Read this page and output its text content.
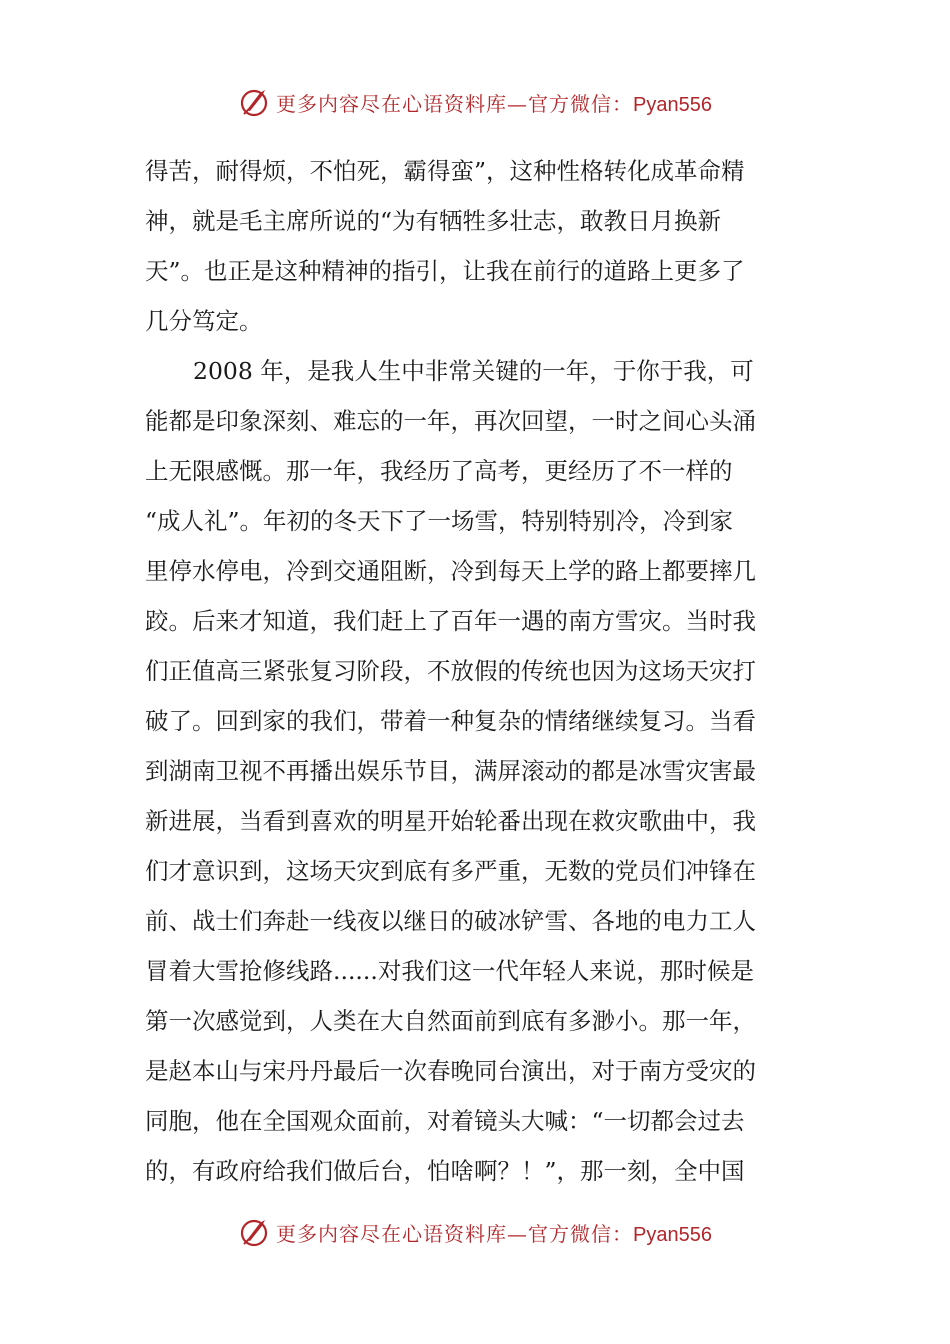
更多内容尽在心语资料库—官方微信：Pyan556
得苦，耐得烦，不怕死，霸得蛮”，这种性格转化成革命精
神，就是毛主席所说的“为有牺牲多壮志，敢教日月换新
天”。也正是这种精神的指引，让我在前行的道路上更多了
几分笃定。
2008 年，是我人生中非常关键的一年，于你于我，可
能都是印象深刻、难忘的一年，再次回望，一时之间心头涌
上无限感慨。那一年，我经历了高考，更经历了不一样的
“成人礼”。年初的冬天下了一场雪，特别特别冷，冷到家
里停水停电，冷到交通阻断，冷到每天上学的路上都要摔几
跤。后来才知道，我们赶上了百年一遇的南方雪灾。当时我
们正值高三紧张复习阶段，不放假的传统也因为这场天灾打
破了。回到家的我们，带着一种复杂的情绪继续复习。当看
到湖南卫视不再播出娱乐节目，满屏滚动的都是冰雪灾害最
新进展，当看到喜欢的明星开始轮番出现在救灾歌曲中，我
们才意识到，这场天灾到底有多严重，无数的党员们冲锋在
前、战士们奔赴一线夜以继日的破冰铲雪、各地的电力工人
冒着大雪抢修线路......对我们这一代年轻人来说，那时候是
第一次感觉到，人类在大自然面前到底有多渺小。那一年，
是赵本山与宋丹丹最后一次春晚同台演出，对于南方受灾的
同胞，他在全国观众面前，对着镜头大喊：“一切都会过去
的，有政府给我们做后台，怕啥啊？！”，那一刻，全中国
更多内容尽在心语资料库—官方微信：Pyan556
